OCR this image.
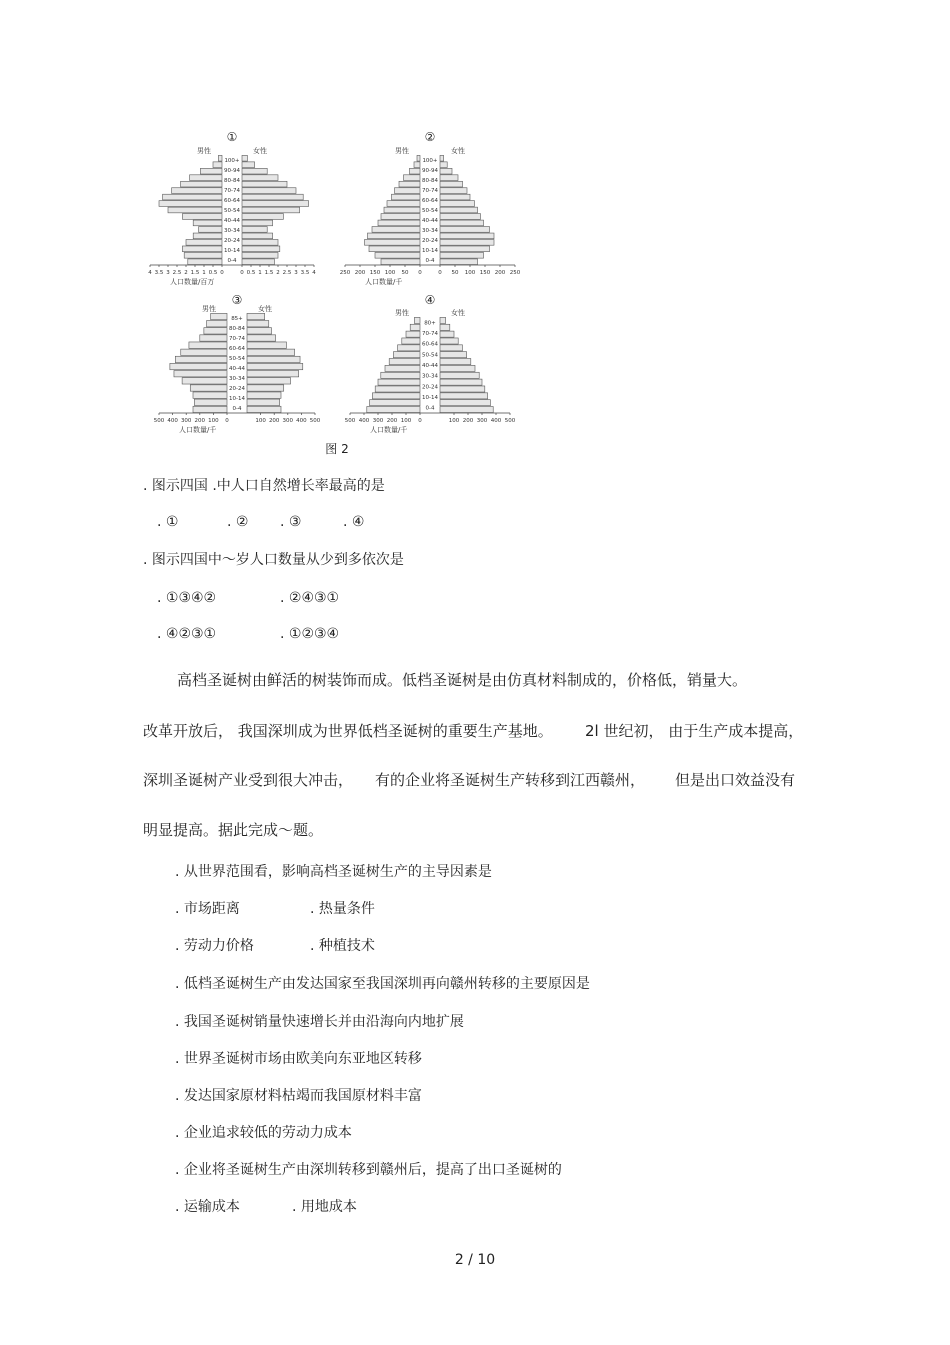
100+
90-94
80-84
70-74
60-64
50-54
40-44
30-34
20-24
10-14
0-4
4 3.5 3 2.5 2 1.5 1 0.5 0	0 0.5 1 1.5 2 2.5 3 3.5 4
①
男性	女性
人口数量/百万
100+
90-94
80-84
70-74
60-64
50-54
40-44
30-34
20-24
10-14
0-4
250 200 150 100 50 0	0 50 100 150 200 250
②
男性	女性
人口数量/千
85+
80-84
70-74
60-64
50-54
40-44
30-34
20-24
10-14
0-4
500 400 300 200 100 0	100 200 300 400 500
③
男性	女性
人口数量/千
80+
70-74
60-64
50-54
40-44
30-34
20-24
10-14
0-4
500 400 300 200 100 0	100 200 300 400 500
④
男性	女性
人口数量/千
图 2
. 图示四国 .中人口自然增长率最高的是
. ①	. ② . ③	. ④
. 图示四国中～岁人口数量从少到多依次是
. ①③④②	. ②④③①
. ④②③①	. ①②③④
高档圣诞树由鲜活的树装饰而成。低档圣诞树是由仿真材料制成的，价格低，销量大。
改革开放后， 我国深圳成为世界低档圣诞树的重要生产基地。 2l 世纪初， 由于生产成本提高，
深圳圣诞树产业受到很大冲击， 有的企业将圣诞树生产转移到江西赣州， 但是出口效益没有
明显提高。据此完成～题。
. 从世界范围看，影响高档圣诞树生产的主导因素是
. 市场距离	. 热量条件
. 劳动力价格	. 种植技术
. 低档圣诞树生产由发达国家至我国深圳再向赣州转移的主要原因是
. 我国圣诞树销量快速增长并由沿海向内地扩展
. 世界圣诞树市场由欧美向东亚地区转移
. 发达国家原材料枯竭而我国原材料丰富
. 企业追求较低的劳动力成本
. 企业将圣诞树生产由深圳转移到赣州后，提高了出口圣诞树的
. 运输成本	. 用地成本
2 / 10
